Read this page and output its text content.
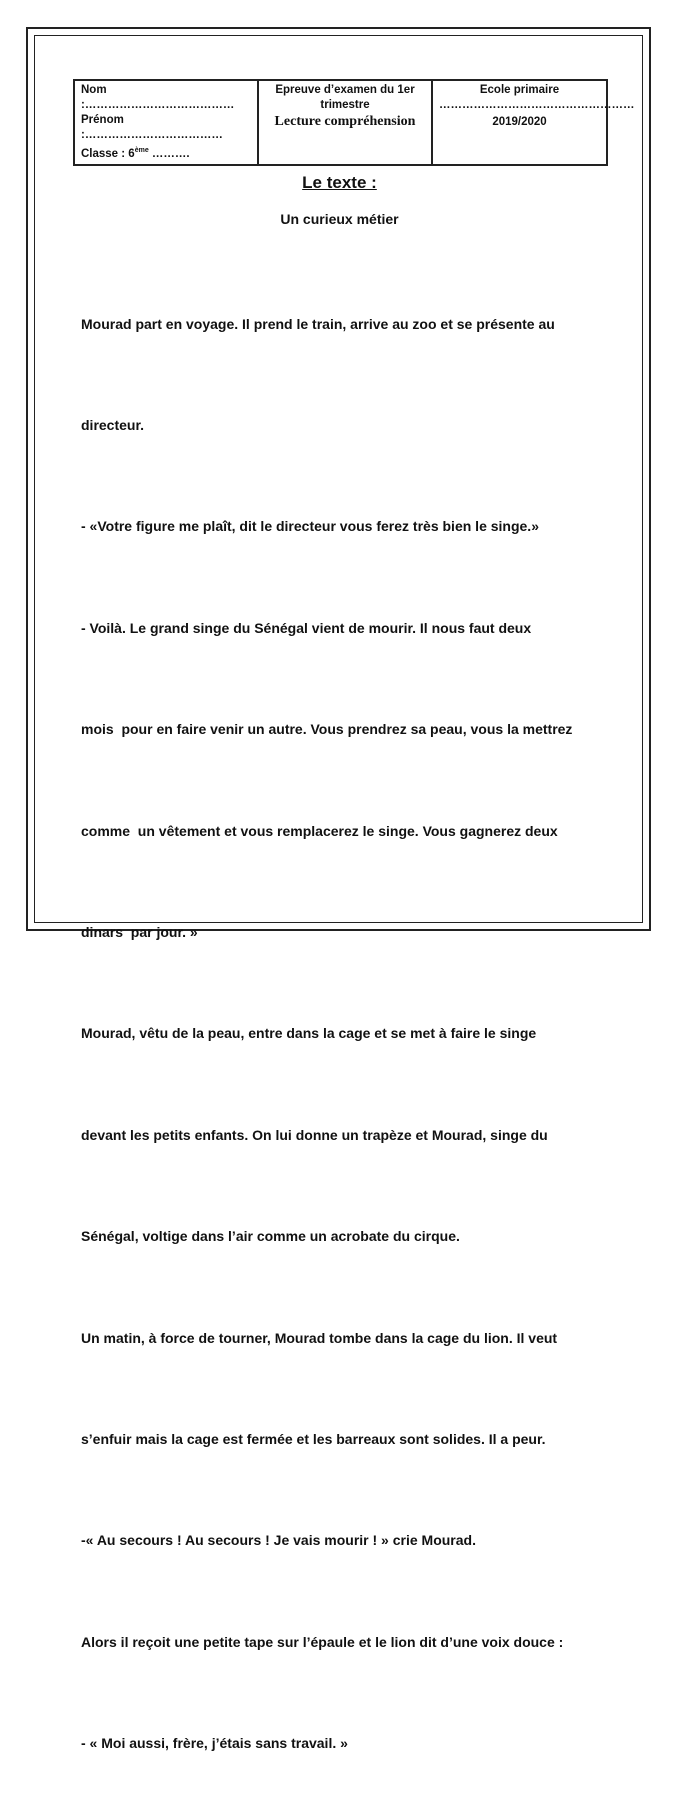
Nom :…………………………………
Prénom :………………………………
Classe : 6ème ……….

Epreuve d’examen du 1er
trimestre
Lecture compréhension

Ecole primaire
……………………………………………
2019/2020
Le texte :
Un curieux métier

Mourad part en voyage. Il prend le train, arrive au zoo et se présente au

directeur.

- «Votre figure me plaît, dit le directeur vous ferez très bien le singe.»

- Voilà. Le grand singe du Sénégal vient de mourir. Il nous faut deux

mois  pour en faire venir un autre. Vous prendrez sa peau, vous la mettrez

comme  un vêtement et vous remplacerez le singe. Vous gagnerez deux

dinars  par jour. »

Mourad, vêtu de la peau, entre dans la cage et se met à faire le singe

devant les petits enfants. On lui donne un trapèze et Mourad, singe du

Sénégal, voltige dans l’air comme un acrobate du cirque.

Un matin, à force de tourner, Mourad tombe dans la cage du lion. Il veut

s’enfuir mais la cage est fermée et les barreaux sont solides. Il a peur.

-« Au secours ! Au secours ! Je vais mourir ! » crie Mourad.

Alors il reçoit une petite tape sur l’épaule et le lion dit d’une voix douce :

- « Moi aussi, frère, j’étais sans travail. »
